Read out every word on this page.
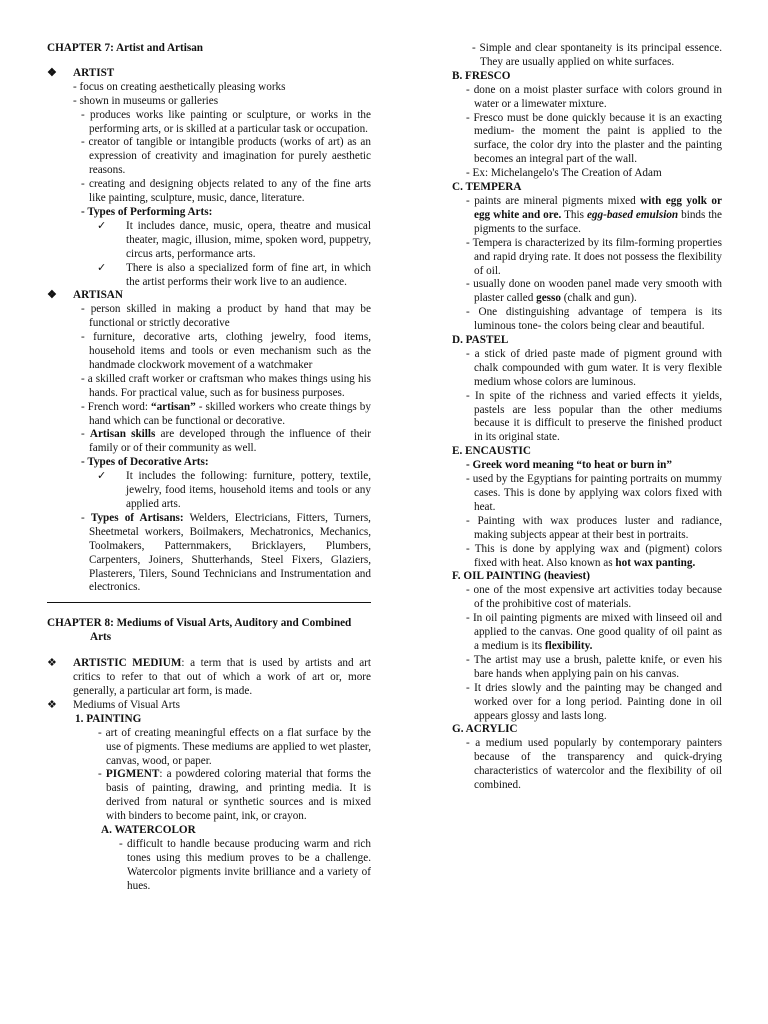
CHAPTER 7: Artist and Artisan

❖ ARTIST

- focus on creating aesthetically pleasing works

- shown in museums or galleries

- produces works like painting or sculpture, or works in the performing arts, or is skilled at a particular task or occupation.

- creator of tangible or intangible products (works of art) as an expression of creativity and imagination for purely aesthetic reasons.

- creating and designing objects related to any of the fine arts like painting, sculpture, music, dance, literature.

- Types of Performing Arts:

✓ It includes dance, music, opera, theatre and musical theater, magic, illusion, mime, spoken word, puppetry, circus arts, performance arts.

✓ There is also a specialized form of fine art, in which the artist performs their work live to an audience.

❖ ARTISAN

- person skilled in making a product by hand that may be functional or strictly decorative

- furniture, decorative arts, clothing jewelry, food items, household items and tools or even mechanism such as the handmade clockwork movement of a watchmaker

- a skilled craft worker or craftsman who makes things using his hands. For practical value, such as for business purposes.

- French word: “artisan” - skilled workers who create things by hand which can be functional or decorative.

- Artisan skills are developed through the influence of their family or of their community as well.

- Types of Decorative Arts:

✓ It includes the following: furniture, pottery, textile, jewelry, food items, household items and tools or any applied arts.

- Types of Artisans: Welders, Electricians, Fitters, Turners, Sheetmetal workers, Boilmakers, Mechatronics, Mechanics, Toolmakers, Patternmakers, Bricklayers, Plumbers, Carpenters, Joiners, Shutterhands, Steel Fixers, Glaziers, Plasterers, Tilers, Sound Technicians and Instrumentation and electronics.

CHAPTER 8: Mediums of Visual Arts, Auditory and Combined Arts

❖ ARTISTIC MEDIUM: a term that is used by artists and art critics to refer to that out of which a work of art or, more generally, a particular art form, is made.

❖ Mediums of Visual Arts

1. PAINTING

- art of creating meaningful effects on a flat surface by the use of pigments. These mediums are applied to wet plaster, canvas, wood, or paper.

- PIGMENT: a powdered coloring material that forms the basis of painting, drawing, and printing media. It is derived from natural or synthetic sources and is mixed with binders to become paint, ink, or crayon.

A. WATERCOLOR

- difficult to handle because producing warm and rich tones using this medium proves to be a challenge. Watercolor pigments invite brilliance and a variety of hues.

- Simple and clear spontaneity is its principal essence. They are usually applied on white surfaces.

B. FRESCO

- done on a moist plaster surface with colors ground in water or a limewater mixture.

- Fresco must be done quickly because it is an exacting medium- the moment the paint is applied to the surface, the color dry into the plaster and the painting becomes an integral part of the wall.

- Ex: Michelangelo's The Creation of Adam

C. TEMPERA

- paints are mineral pigments mixed with egg yolk or egg white and ore. This egg-based emulsion binds the pigments to the surface.

- Tempera is characterized by its film-forming properties and rapid drying rate. It does not possess the flexibility of oil.

- usually done on wooden panel made very smooth with plaster called gesso (chalk and gun).

- One distinguishing advantage of tempera is its luminous tone- the colors being clear and beautiful.

D. PASTEL

- a stick of dried paste made of pigment ground with chalk compounded with gum water. It is very flexible medium whose colors are luminous.

- In spite of the richness and varied effects it yields, pastels are less popular than the other mediums because it is difficult to preserve the finished product in its original state.

E. ENCAUSTIC

- Greek word meaning “to heat or burn in”

- used by the Egyptians for painting portraits on mummy cases. This is done by applying wax colors fixed with heat.

- Painting with wax produces luster and radiance, making subjects appear at their best in portraits.

- This is done by applying wax and (pigment) colors fixed with heat. Also known as hot wax panting.

F. OIL PAINTING (heaviest)

- one of the most expensive art activities today because of the prohibitive cost of materials.

- In oil painting pigments are mixed with linseed oil and applied to the canvas. One good quality of oil paint as a medium is its flexibility.

- The artist may use a brush, palette knife, or even his bare hands when applying pain on his canvas.

- It dries slowly and the painting may be changed and worked over for a long period. Painting done in oil appears glossy and lasts long.

G. ACRYLIC

- a medium used popularly by contemporary painters because of the transparency and quick-drying characteristics of watercolor and the flexibility of oil combined.
